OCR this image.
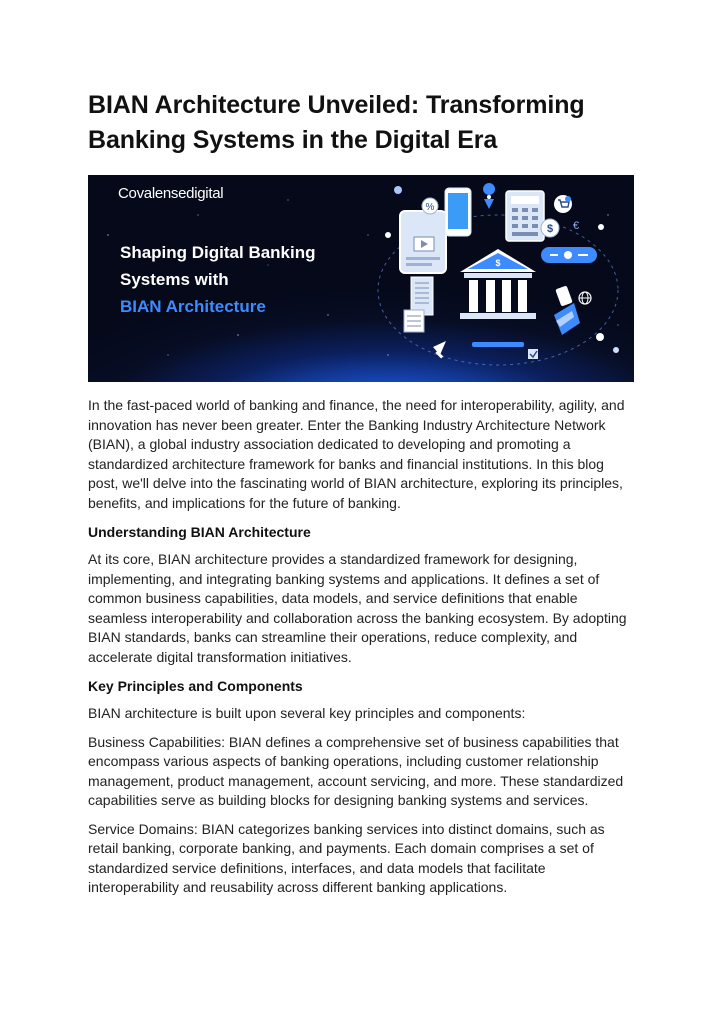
BIAN Architecture Unveiled: Transforming Banking Systems in the Digital Era
%
$ €
$
Covalensedigital
Shaping Digital Banking
Systems with
BIAN Architecture

In the fast-paced world of banking and finance, the need for interoperability, agility, and innovation has never been greater. Enter the Banking Industry Architecture Network (BIAN), a global industry association dedicated to developing and promoting a standardized architecture framework for banks and financial institutions. In this blog post, we'll delve into the fascinating world of BIAN architecture, exploring its principles, benefits, and implications for the future of banking.

Understanding BIAN Architecture

At its core, BIAN architecture provides a standardized framework for designing, implementing, and integrating banking systems and applications. It defines a set of common business capabilities, data models, and service definitions that enable seamless interoperability and collaboration across the banking ecosystem. By adopting BIAN standards, banks can streamline their operations, reduce complexity, and accelerate digital transformation initiatives.

Key Principles and Components

BIAN architecture is built upon several key principles and components:

Business Capabilities: BIAN defines a comprehensive set of business capabilities that encompass various aspects of banking operations, including customer relationship management, product management, account servicing, and more. These standardized capabilities serve as building blocks for designing banking systems and services.

Service Domains: BIAN categorizes banking services into distinct domains, such as retail banking, corporate banking, and payments. Each domain comprises a set of standardized service definitions, interfaces, and data models that facilitate interoperability and reusability across different banking applications.
